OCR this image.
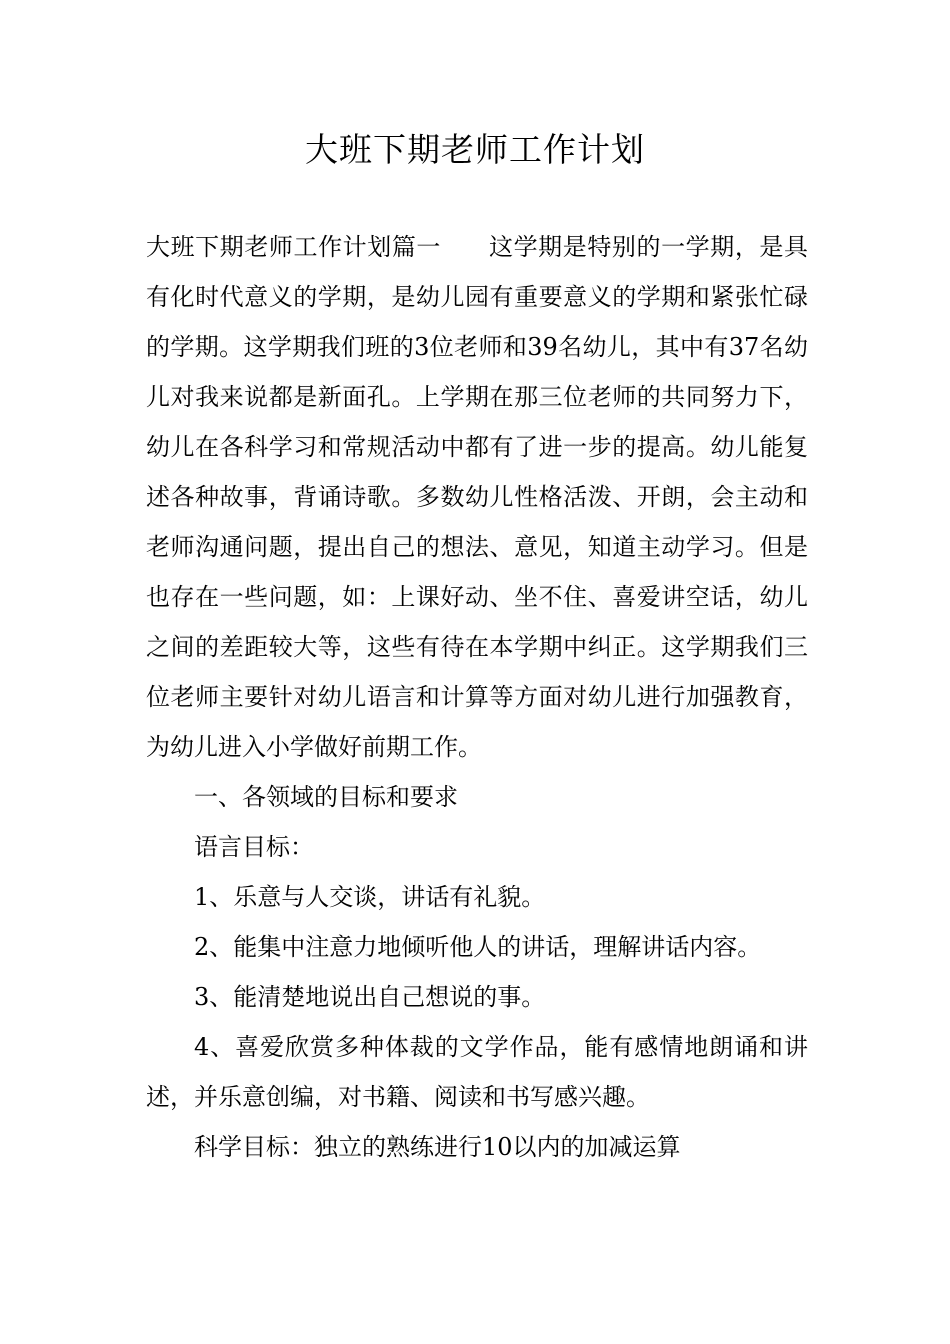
大班下期老师工作计划

大班下期老师工作计划篇一 这学期是特别的一学期，是具有化时代意义的学期，是幼儿园有重要意义的学期和紧张忙碌的学期。这学期我们班的3位老师和39名幼儿，其中有37名幼儿对我来说都是新面孔。上学期在那三位老师的共同努力下，幼儿在各科学习和常规活动中都有了进一步的提高。幼儿能复述各种故事，背诵诗歌。多数幼儿性格活泼、开朗，会主动和老师沟通问题，提出自己的想法、意见，知道主动学习。但是也存在一些问题，如：上课好动、坐不住、喜爱讲空话，幼儿之间的差距较大等，这些有待在本学期中纠正。这学期我们三位老师主要针对幼儿语言和计算等方面对幼儿进行加强教育，为幼儿进入小学做好前期工作。

一、各领域的目标和要求

语言目标：

1、乐意与人交谈，讲话有礼貌。

2、能集中注意力地倾听他人的讲话，理解讲话内容。

3、能清楚地说出自己想说的事。

4、喜爱欣赏多种体裁的文学作品，能有感情地朗诵和讲述，并乐意创编，对书籍、阅读和书写感兴趣。

科学目标：独立的熟练进行10以内的加减运算
